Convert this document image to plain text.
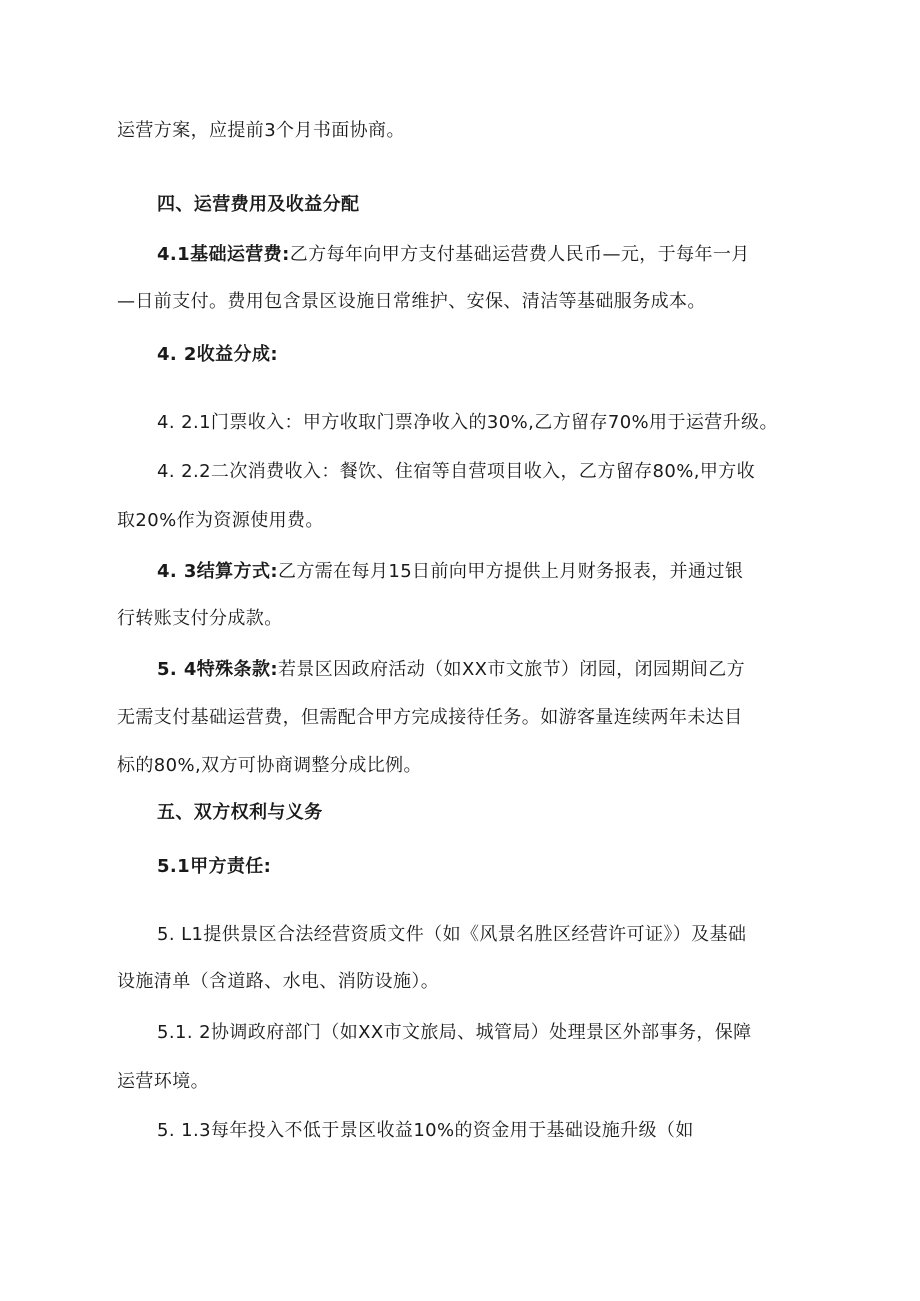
运营方案，应提前3个月书面协商。
四、运营费用及收益分配
4.1基础运营费:乙方每年向甲方支付基础运营费人民币—元，于每年一月
—日前支付。费用包含景区设施日常维护、安保、清洁等基础服务成本。
4. 2收益分成:
4. 2.1门票收入：甲方收取门票净收入的30%,乙方留存70%用于运营升级。
4. 2.2二次消费收入：餐饮、住宿等自营项目收入，乙方留存80%,甲方收
取20%作为资源使用费。
4. 3结算方式:乙方需在每月15日前向甲方提供上月财务报表，并通过银
行转账支付分成款。
5. 4特殊条款:若景区因政府活动（如XX市文旅节）闭园，闭园期间乙方
无需支付基础运营费，但需配合甲方完成接待任务。如游客量连续两年未达目
标的80%,双方可协商调整分成比例。
五、双方权利与义务
5.1甲方责任:
5. L1提供景区合法经营资质文件（如《风景名胜区经营许可证》）及基础
设施清单（含道路、水电、消防设施）。
5.1. 2协调政府部门（如XX市文旅局、城管局）处理景区外部事务，保障
运营环境。
5. 1.3每年投入不低于景区收益10%的资金用于基础设施升级（如
